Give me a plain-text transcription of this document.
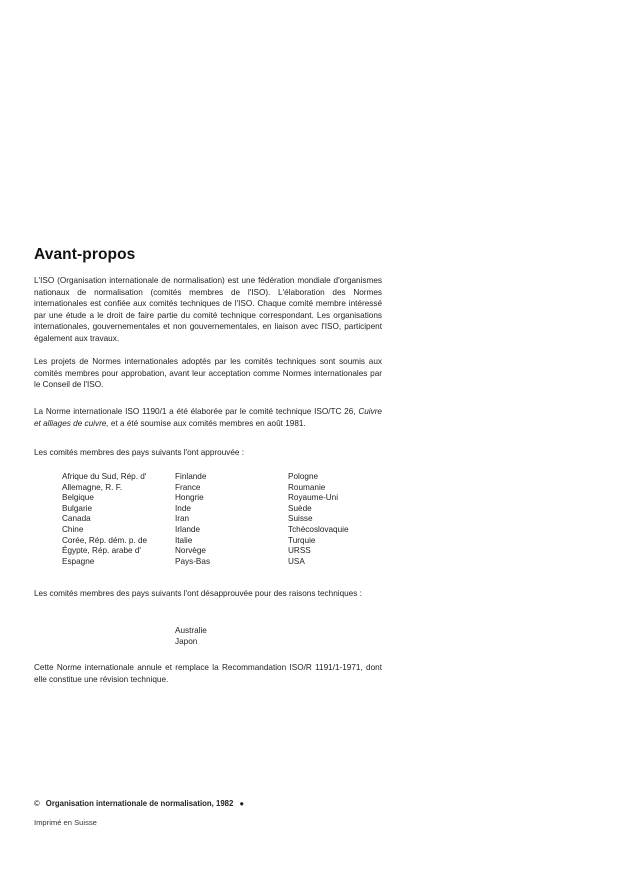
Avant-propos

L'ISO (Organisation internationale de normalisation) est une fédération mondiale d'organismes nationaux de normalisation (comités membres de l'ISO). L'élaboration des Normes internationales est confiée aux comités techniques de l'ISO. Chaque comité membre intéressé par une étude a le droit de faire partie du comité technique correspondant. Les organisations internationales, gouvernementales et non gouvernementales, en liaison avec l'ISO, participent également aux travaux.

Les projets de Normes internationales adoptés par les comités techniques sont soumis aux comités membres pour approbation, avant leur acceptation comme Normes internationales par le Conseil de l'ISO.

La Norme internationale ISO 1190/1 a été élaborée par le comité technique ISO/TC 26, Cuivre et alliages de cuivre, et a été soumise aux comités membres en août 1981.

Les comités membres des pays suivants l'ont approuvée :

Afrique du Sud, Rép. d'
Allemagne, R. F.
Belgique
Bulgarie
Canada
Chine
Corée, Rép. dém. p. de
Égypte, Rép. arabe d'
Espagne
Finlande
France
Hongrie
Inde
Iran
Irlande
Italie
Norvège
Pays-Bas
Pologne
Roumanie
Royaume-Uni
Suède
Suisse
Tchécoslovaquie
Turquie
URSS
USA

Les comités membres des pays suivants l'ont désapprouvée pour des raisons techniques :

Australie
Japon

Cette Norme internationale annule et remplace la Recommandation ISO/R 1191/1-1971, dont elle constitue une révision technique.

© Organisation internationale de normalisation, 1982 ●

Imprimé en Suisse
